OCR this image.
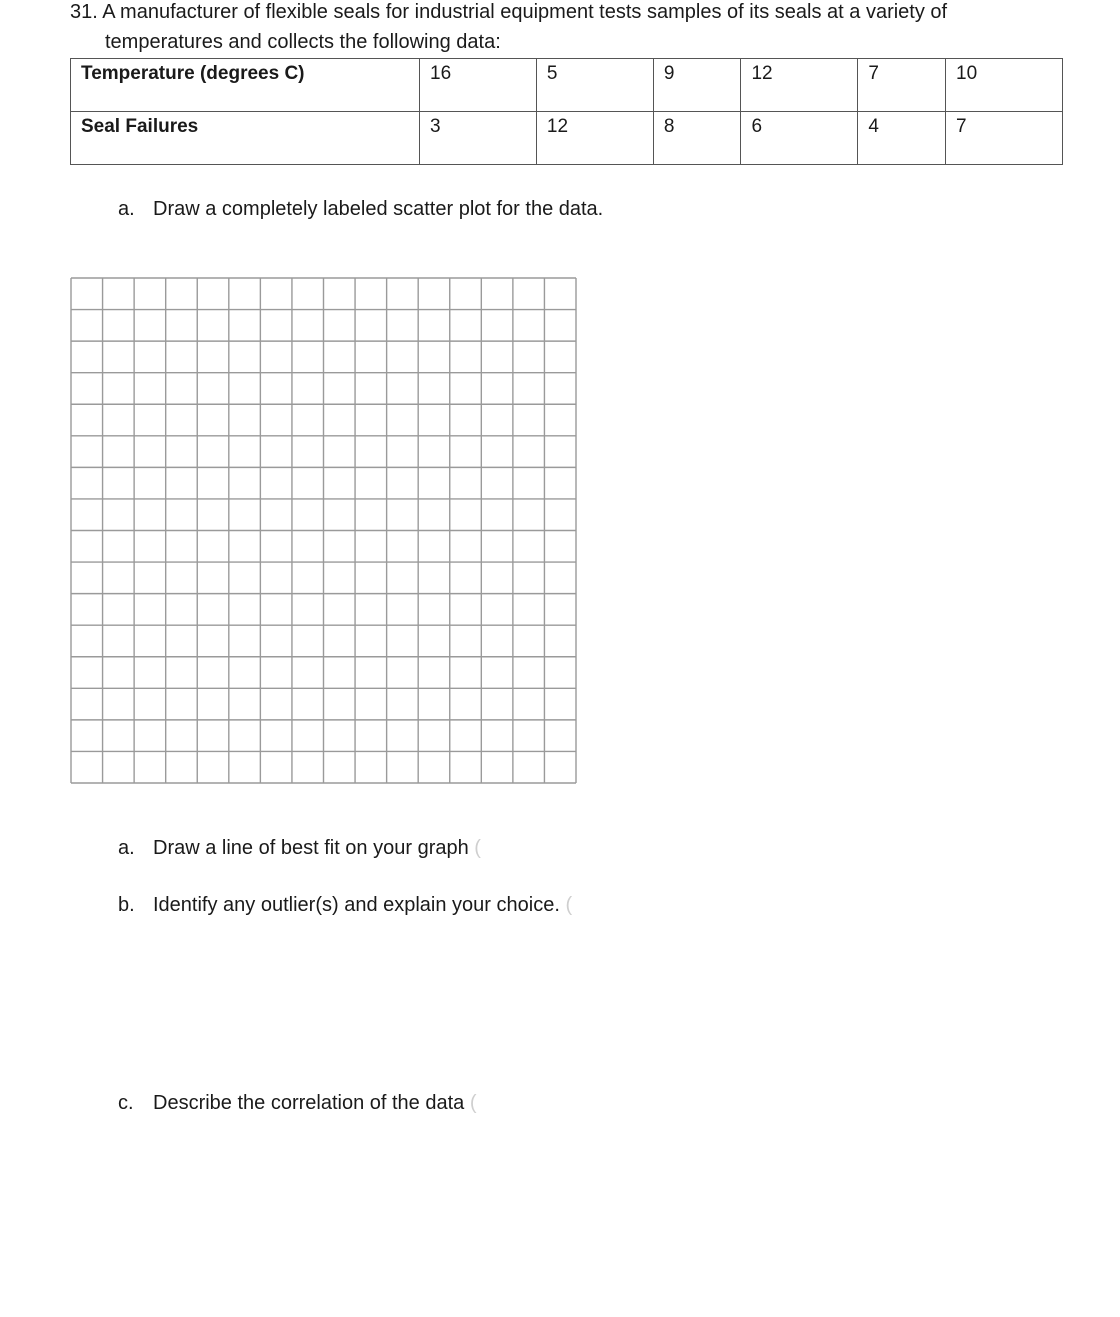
31. A manufacturer of flexible seals for industrial equipment tests samples of its seals at a variety of
temperatures and collects the following data:
Temperature (degrees C)	16	5	9	12	7	10
Seal Failures	3	12	8	6	4	7
a. Draw a completely labeled scatter plot for the data.
a. Draw a line of best fit on your graph (
b. Identify any outlier(s) and explain your choice. (
c. Describe the correlation of the data (
